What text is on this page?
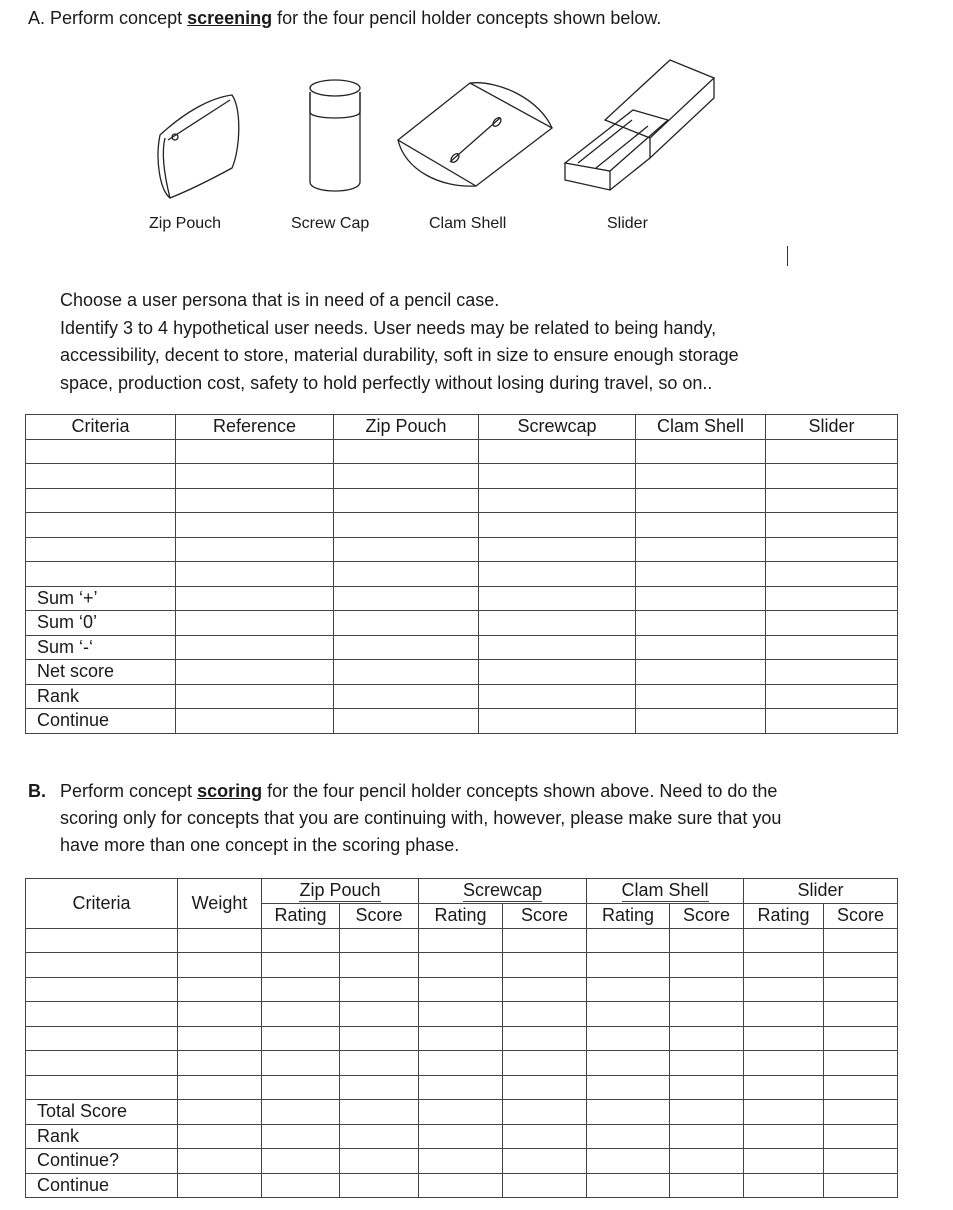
A. Perform concept screening for the four pencil holder concepts shown below.
Zip Pouch	Screw Cap	Clam Shell	Slider
Choose a user persona that is in need of a pencil case.
Identify 3 to 4 hypothetical user needs. User needs may be related to being handy,
accessibility, decent to store, material durability, soft in size to ensure enough storage
space, production cost, safety to hold perfectly without losing during travel, so on..
Criteria	Reference	Zip Pouch	Screwcap	Clam Shell	Slider

Sum ‘+’					
Sum ‘0’					
Sum ‘-‘					
Net score					
Rank					
Continue					
B. Perform concept scoring for the four pencil holder concepts shown above. Need to do the
scoring only for concepts that you are continuing with, however, please make sure that you
have more than one concept in the scoring phase.
Criteria	Weight	Zip Pouch		Screwcap		Clam Shell		Slider	
		Rating	Score	Rating	Score	Rating	Score	Rating	Score

Total Score									
Rank									
Continue?									
Continue									
